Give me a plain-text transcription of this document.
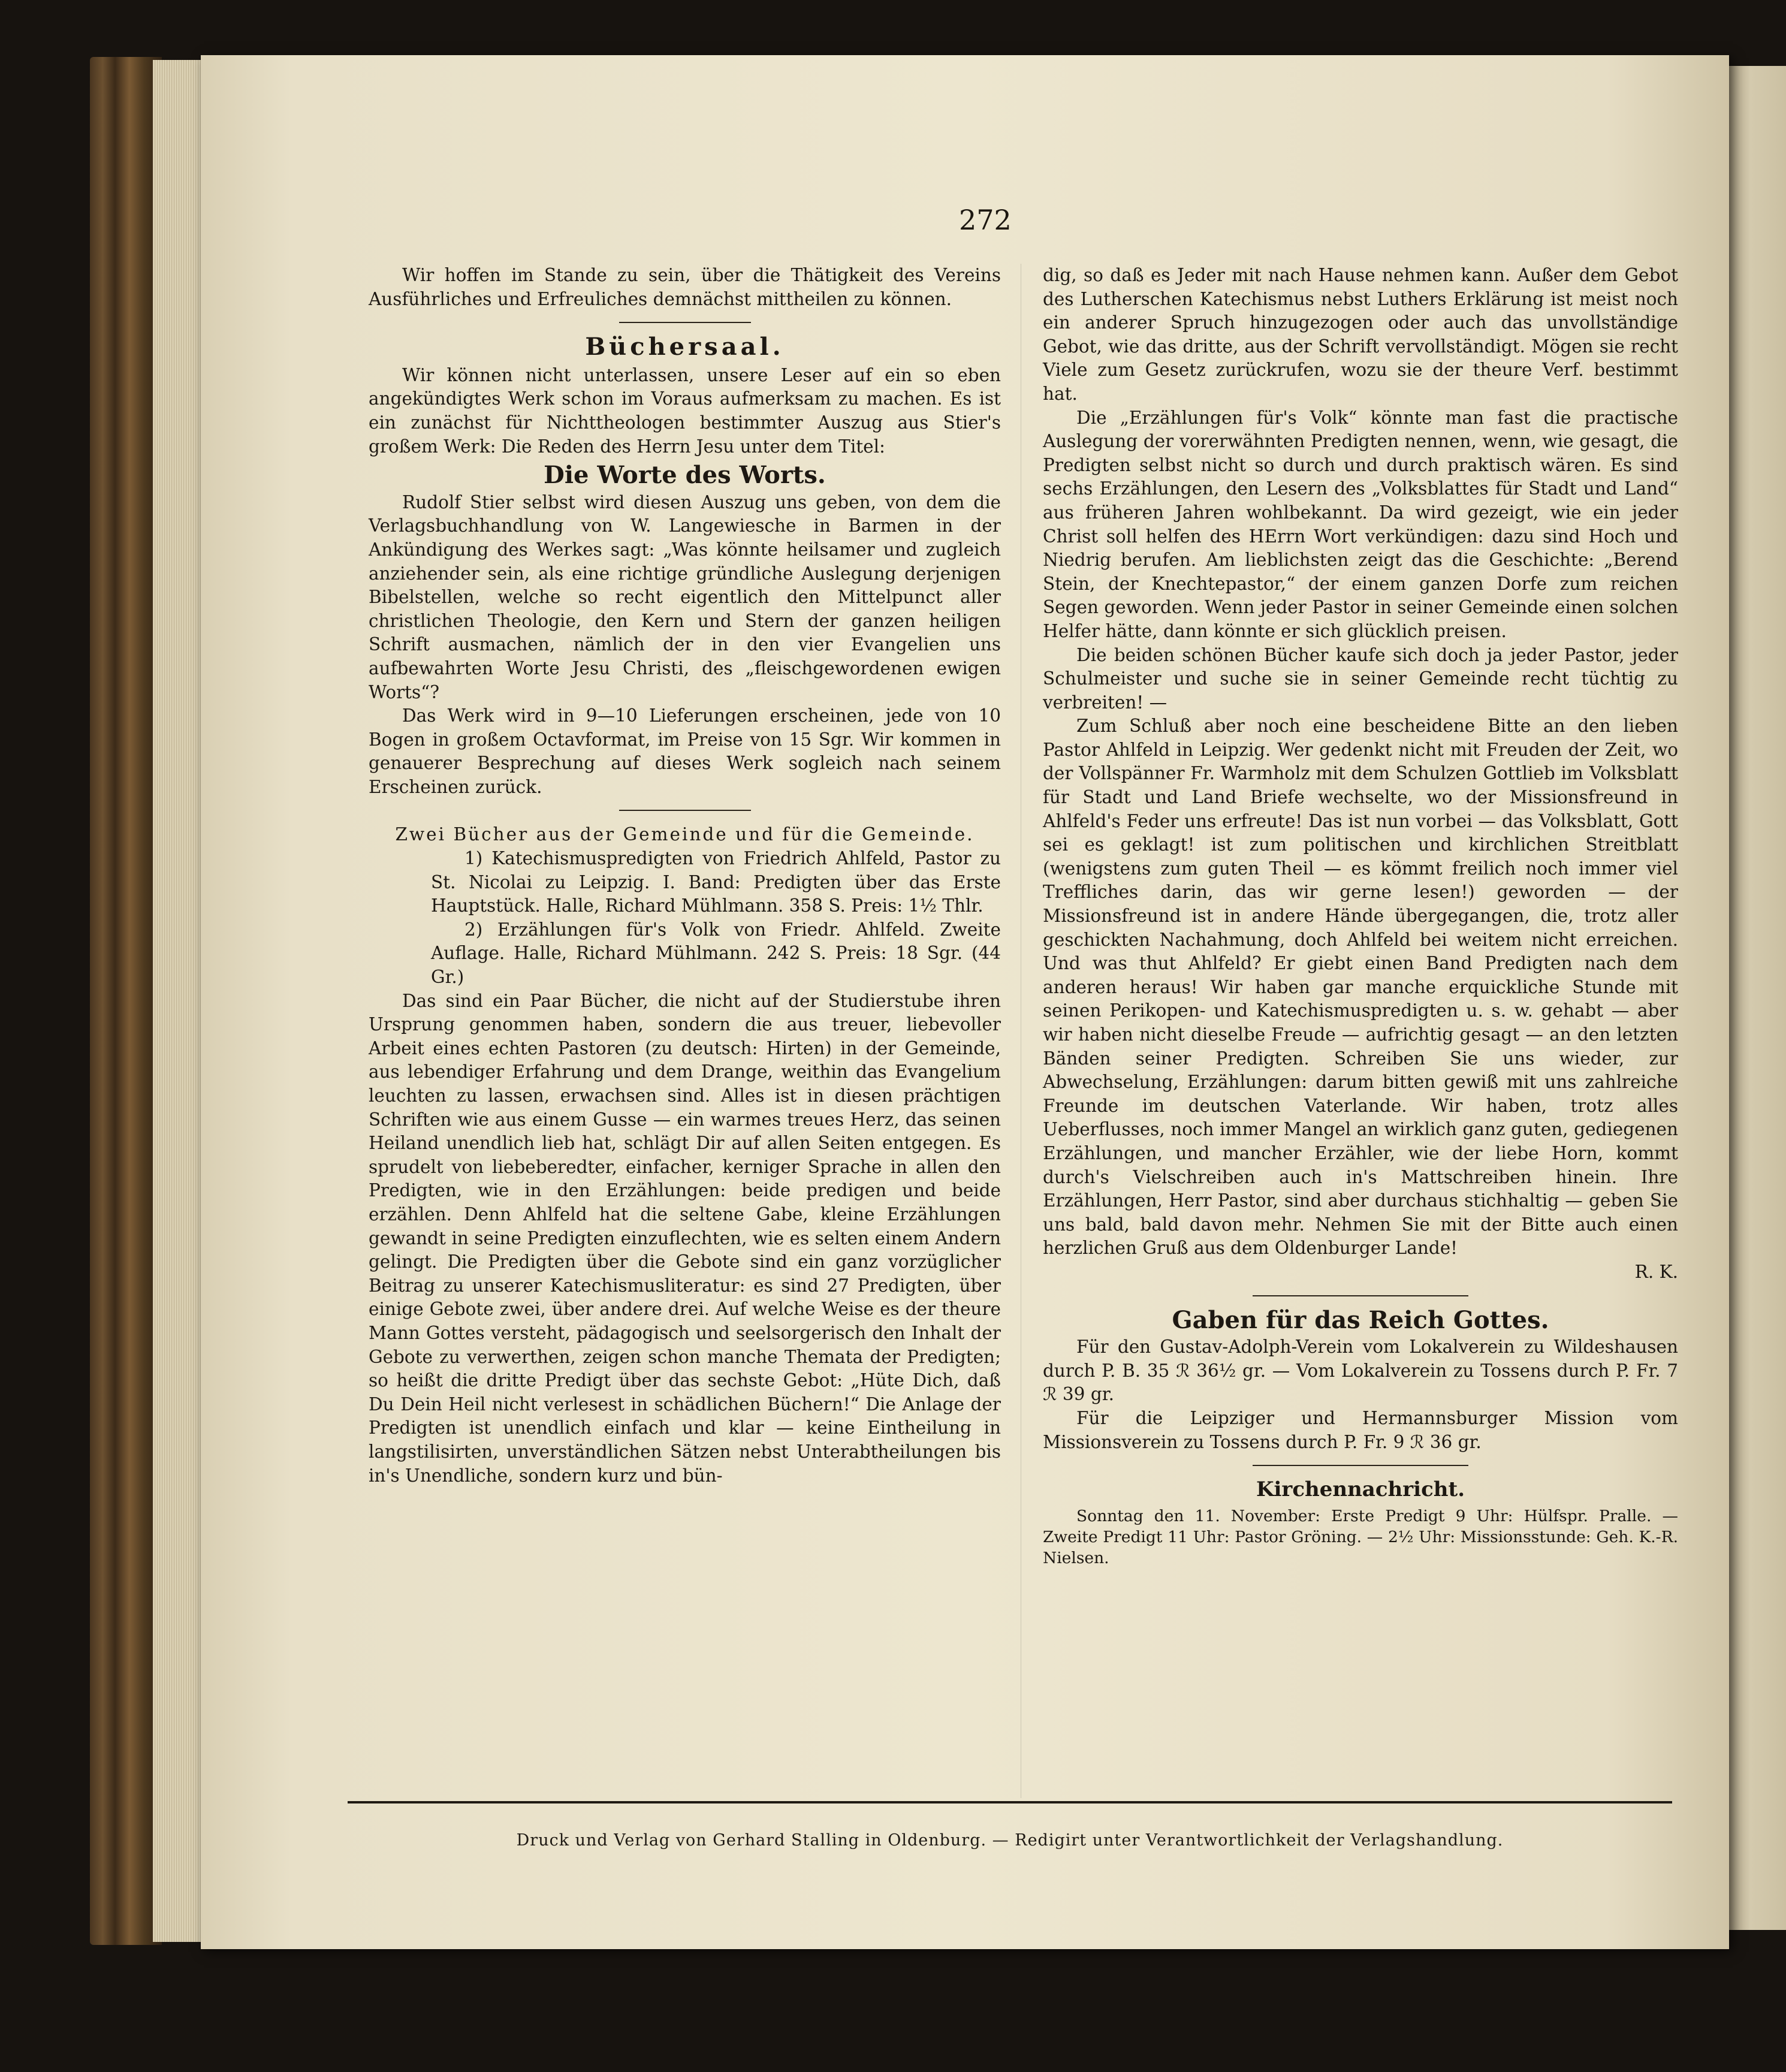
272

Wir hoffen im Stande zu sein, über die Thätigkeit des Vereins Ausführliches und Erfreuliches demnächst mittheilen zu können.

Büchersaal.

Wir können nicht unterlassen, unsere Leser auf ein so eben angekündigtes Werk schon im Voraus aufmerksam zu machen. Es ist ein zunächst für Nichttheologen bestimmter Auszug aus Stier's großem Werk: Die Reden des Herrn Jesu unter dem Titel:

Die Worte des Worts.

Rudolf Stier selbst wird diesen Auszug uns geben, von dem die Verlagsbuchhandlung von W. Langewiesche in Barmen in der Ankündigung des Werkes sagt: „Was könnte heilsamer und zugleich anziehender sein, als eine richtige gründliche Auslegung derjenigen Bibelstellen, welche so recht eigentlich den Mittelpunct aller christlichen Theologie, den Kern und Stern der ganzen heiligen Schrift ausmachen, nämlich der in den vier Evangelien uns aufbewahrten Worte Jesu Christi, des „fleischgewordenen ewigen Worts“?

Das Werk wird in 9—10 Lieferungen erscheinen, jede von 10 Bogen in großem Octavformat, im Preise von 15 Sgr. Wir kommen in genauerer Besprechung auf dieses Werk sogleich nach seinem Erscheinen zurück.

Zwei Bücher aus der Gemeinde und für die Gemeinde.

1) Katechismuspredigten von Friedrich Ahlfeld, Pastor zu St. Nicolai zu Leipzig. I. Band: Predigten über das Erste Hauptstück. Halle, Richard Mühlmann. 358 S. Preis: 1½ Thlr.

2) Erzählungen für's Volk von Friedr. Ahlfeld. Zweite Auflage. Halle, Richard Mühlmann. 242 S. Preis: 18 Sgr. (44 Gr.)

Das sind ein Paar Bücher, die nicht auf der Studierstube ihren Ursprung genommen haben, sondern die aus treuer, liebevoller Arbeit eines echten Pastoren (zu deutsch: Hirten) in der Gemeinde, aus lebendiger Erfahrung und dem Drange, weithin das Evangelium leuchten zu lassen, erwachsen sind. Alles ist in diesen prächtigen Schriften wie aus einem Gusse — ein warmes treues Herz, das seinen Heiland unendlich lieb hat, schlägt Dir auf allen Seiten entgegen. Es sprudelt von liebeberedter, einfacher, kerniger Sprache in allen den Predigten, wie in den Erzählungen: beide predigen und beide erzählen. Denn Ahlfeld hat die seltene Gabe, kleine Erzählungen gewandt in seine Predigten einzuflechten, wie es selten einem Andern gelingt. Die Predigten über die Gebote sind ein ganz vorzüglicher Beitrag zu unserer Katechismusliteratur: es sind 27 Predigten, über einige Gebote zwei, über andere drei. Auf welche Weise es der theure Mann Gottes versteht, pädagogisch und seelsorgerisch den Inhalt der Gebote zu verwerthen, zeigen schon manche Themata der Predigten; so heißt die dritte Predigt über das sechste Gebot: „Hüte Dich, daß Du Dein Heil nicht verlesest in schädlichen Büchern!“ Die Anlage der Predigten ist unendlich einfach und klar — keine Eintheilung in langstilisirten, unverständlichen Sätzen nebst Unterabtheilungen bis in's Unendliche, sondern kurz und bün-

dig, so daß es Jeder mit nach Hause nehmen kann. Außer dem Gebot des Lutherschen Katechismus nebst Luthers Erklärung ist meist noch ein anderer Spruch hinzugezogen oder auch das unvollständige Gebot, wie das dritte, aus der Schrift vervollständigt. Mögen sie recht Viele zum Gesetz zurückrufen, wozu sie der theure Verf. bestimmt hat.

Die „Erzählungen für's Volk“ könnte man fast die practische Auslegung der vorerwähnten Predigten nennen, wenn, wie gesagt, die Predigten selbst nicht so durch und durch praktisch wären. Es sind sechs Erzählungen, den Lesern des „Volksblattes für Stadt und Land“ aus früheren Jahren wohlbekannt. Da wird gezeigt, wie ein jeder Christ soll helfen des HErrn Wort verkündigen: dazu sind Hoch und Niedrig berufen. Am lieblichsten zeigt das die Geschichte: „Berend Stein, der Knechtepastor,“ der einem ganzen Dorfe zum reichen Segen geworden. Wenn jeder Pastor in seiner Gemeinde einen solchen Helfer hätte, dann könnte er sich glücklich preisen.

Die beiden schönen Bücher kaufe sich doch ja jeder Pastor, jeder Schulmeister und suche sie in seiner Gemeinde recht tüchtig zu verbreiten! —

Zum Schluß aber noch eine bescheidene Bitte an den lieben Pastor Ahlfeld in Leipzig. Wer gedenkt nicht mit Freuden der Zeit, wo der Vollspänner Fr. Warmholz mit dem Schulzen Gottlieb im Volksblatt für Stadt und Land Briefe wechselte, wo der Missionsfreund in Ahlfeld's Feder uns erfreute! Das ist nun vorbei — das Volksblatt, Gott sei es geklagt! ist zum politischen und kirchlichen Streitblatt (wenigstens zum guten Theil — es kömmt freilich noch immer viel Treffliches darin, das wir gerne lesen!) geworden — der Missionsfreund ist in andere Hände übergegangen, die, trotz aller geschickten Nachahmung, doch Ahlfeld bei weitem nicht erreichen. Und was thut Ahlfeld? Er giebt einen Band Predigten nach dem anderen heraus! Wir haben gar manche erquickliche Stunde mit seinen Perikopen- und Katechismuspredigten u. s. w. gehabt — aber wir haben nicht dieselbe Freude — aufrichtig gesagt — an den letzten Bänden seiner Predigten. Schreiben Sie uns wieder, zur Abwechselung, Erzählungen: darum bitten gewiß mit uns zahlreiche Freunde im deutschen Vaterlande. Wir haben, trotz alles Ueberflusses, noch immer Mangel an wirklich ganz guten, gediegenen Erzählungen, und mancher Erzähler, wie der liebe Horn, kommt durch's Vielschreiben auch in's Mattschreiben hinein. Ihre Erzählungen, Herr Pastor, sind aber durchaus stichhaltig — geben Sie uns bald, bald davon mehr. Nehmen Sie mit der Bitte auch einen herzlichen Gruß aus dem Oldenburger Lande!

R. K.
Gaben für das Reich Gottes.

Für den Gustav-Adolph-Verein vom Lokalverein zu Wildeshausen durch P. B. 35 ℛ 36½ gr. — Vom Lokalverein zu Tossens durch P. Fr. 7 ℛ 39 gr.

Für die Leipziger und Hermannsburger Mission vom Missionsverein zu Tossens durch P. Fr. 9 ℛ 36 gr.

Kirchennachricht.

Sonntag den 11. November: Erste Predigt 9 Uhr: Hülfspr. Pralle. — Zweite Predigt 11 Uhr: Pastor Gröning. — 2½ Uhr: Missionsstunde: Geh. K.-R. Nielsen.

Druck und Verlag von Gerhard Stalling in Oldenburg. — Redigirt unter Verantwortlichkeit der Verlagshandlung.
